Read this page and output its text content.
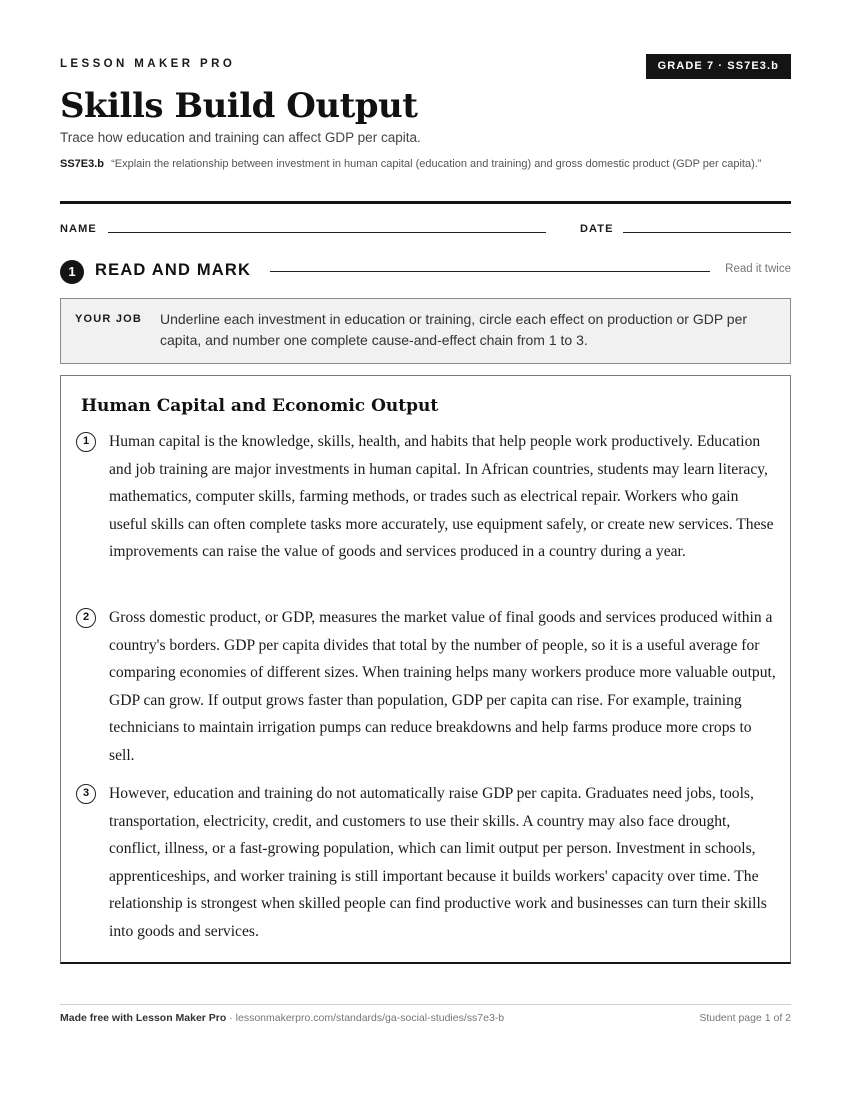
LESSON MAKER PRO	GRADE 7 · SS7E3.b
Skills Build Output
Trace how education and training can affect GDP per capita.
SS7E3.b “Explain the relationship between investment in human capital (education and training) and gross domestic product (GDP per capita).”
NAME	DATE
1	READ AND MARK	Read it twice
YOUR JOB Underline each investment in education or training, circle each effect on production or GDP per capita, and number one complete cause-and-effect chain from 1 to 3.
Human Capital and Economic Output
1	Human capital is the knowledge, skills, health, and habits that help people work productively. Education and job training are major investments in human capital. In African countries, students may learn literacy, mathematics, computer skills, farming methods, or trades such as electrical repair. Workers who gain useful skills can often complete tasks more accurately, use equipment safely, or create new services. These improvements can raise the value of goods and services produced in a country during a year.
2	Gross domestic product, or GDP, measures the market value of final goods and services produced within a country's borders. GDP per capita divides that total by the number of people, so it is a useful average for comparing economies of different sizes. When training helps many workers produce more valuable output, GDP can grow. If output grows faster than population, GDP per capita can rise. For example, training technicians to maintain irrigation pumps can reduce breakdowns and help farms produce more crops to sell.
3	However, education and training do not automatically raise GDP per capita. Graduates need jobs, tools, transportation, electricity, credit, and customers to use their skills. A country may also face drought, conflict, illness, or a fast-growing population, which can limit output per person. Investment in schools, apprenticeships, and worker training is still important because it builds workers' capacity over time. The relationship is strongest when skilled people can find productive work and businesses can turn their skills into goods and services.
Made free with Lesson Maker Pro · lessonmakerpro.com/standards/ga-social-studies/ss7e3-b	Student page 1 of 2
